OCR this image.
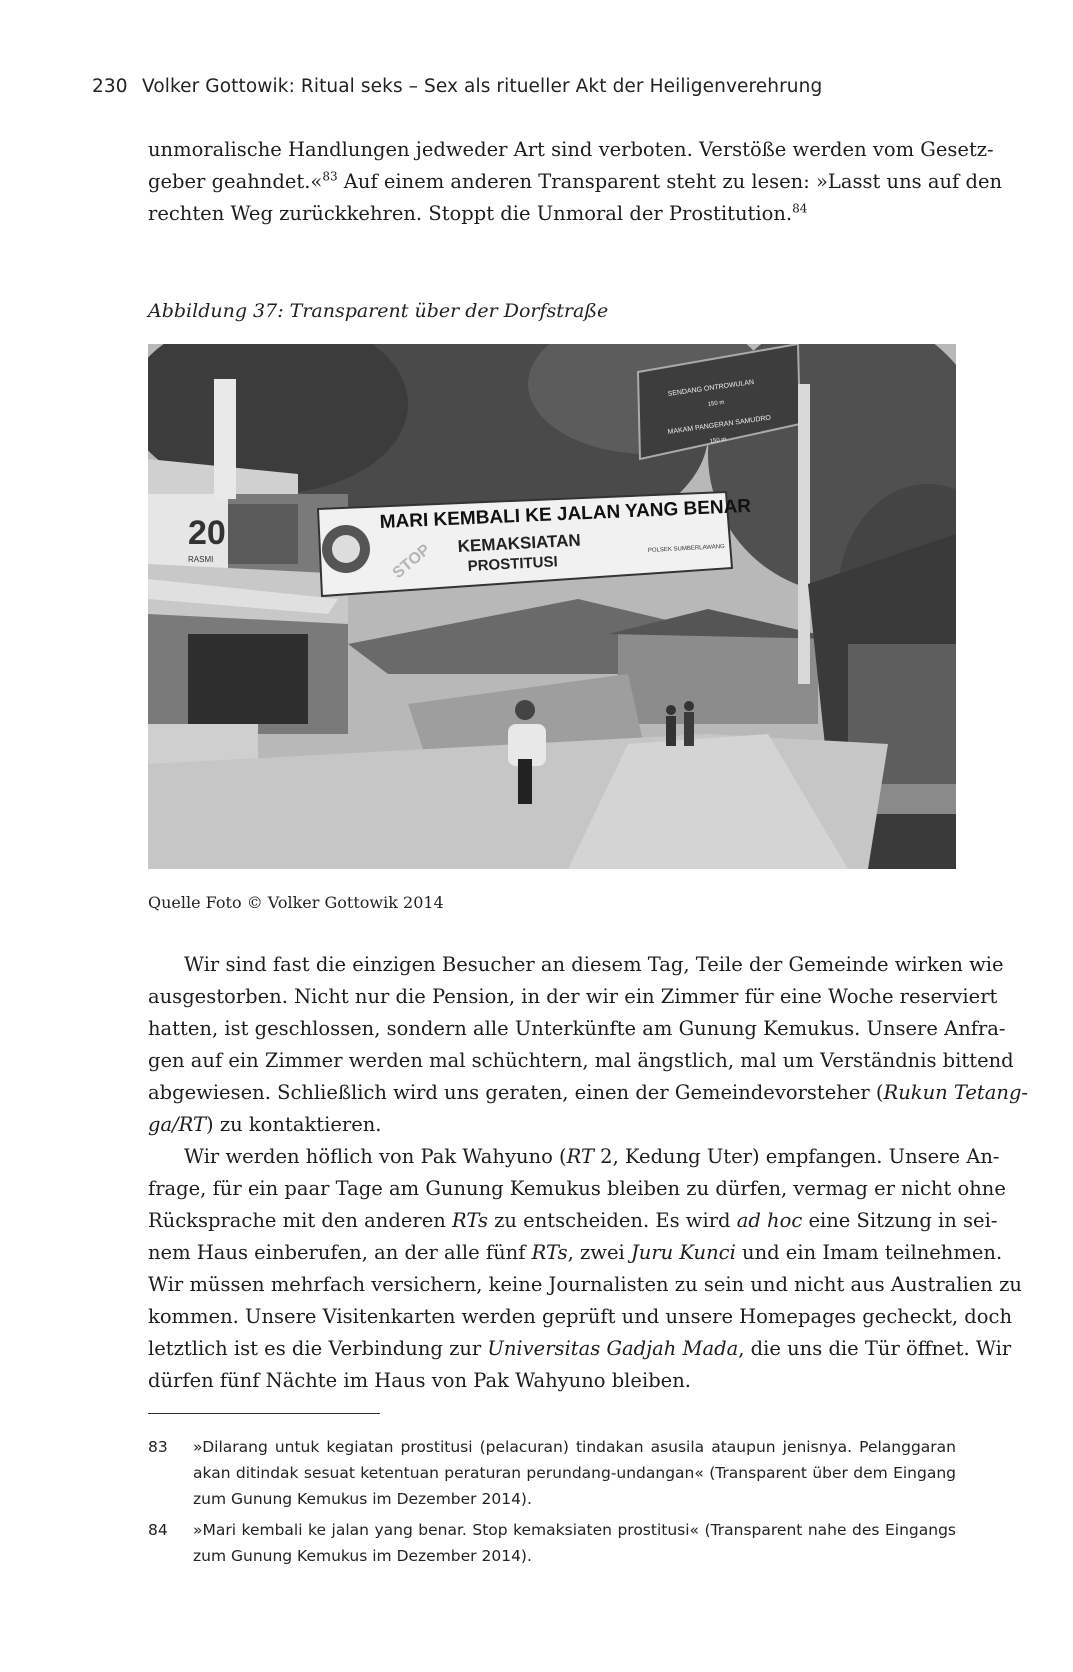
230 Volker Gottowik: Ritual seks – Sex als ritueller Akt der Heiligenverehrung
unmoralische Handlungen jedweder Art sind verboten. Verstöße werden vom Gesetz-
geber geahndet.«$^{83}$ Auf einem anderen Transparent steht zu lesen: »Lasst uns auf den
rechten Weg zurückkehren. Stoppt die Unmoral der Prostitution.$^{84}$
Abbildung 37: Transparent über der Dorfstraße
20
RASMI
MARI KEMBALI KE JALAN YANG BENAR
KEMAKSIATAN
PROSTITUSI
STOP	POLSEK SUMBERLAWANG
SENDANG ONTROWULAN
150 m
MAKAM PANGERAN SAMUDRO
150 m
Quelle Foto © Volker Gottowik 2014
Wir sind fast die einzigen Besucher an diesem Tag, Teile der Gemeinde wirken wie
ausgestorben. Nicht nur die Pension, in der wir ein Zimmer für eine Woche reserviert
hatten, ist geschlossen, sondern alle Unterkünfte am Gunung Kemukus. Unsere Anfra-
gen auf ein Zimmer werden mal schüchtern, mal ängstlich, mal um Verständnis bittend
abgewiesen. Schließlich wird uns geraten, einen der Gemeindevorsteher (Rukun Tetang-
ga/RT) zu kontaktieren.
Wir werden höflich von Pak Wahyuno (RT 2, Kedung Uter) empfangen. Unsere An-
frage, für ein paar Tage am Gunung Kemukus bleiben zu dürfen, vermag er nicht ohne
Rücksprache mit den anderen RTs zu entscheiden. Es wird ad hoc eine Sitzung in sei-
nem Haus einberufen, an der alle fünf RTs, zwei Juru Kunci und ein Imam teilnehmen.
Wir müssen mehrfach versichern, keine Journalisten zu sein und nicht aus Australien zu
kommen. Unsere Visitenkarten werden geprüft und unsere Homepages gecheckt, doch
letztlich ist es die Verbindung zur Universitas Gadjah Mada, die uns die Tür öffnet. Wir
dürfen fünf Nächte im Haus von Pak Wahyuno bleiben.
83	»Dilarang untuk kegiatan prostitusi (pelacuran) tindakan asusila ataupun jenisnya. Pelanggaran
akan ditindak sesuat ketentuan peraturan perundang-undangan« (Transparent über dem Eingang
zum Gunung Kemukus im Dezember 2014).
84	»Mari kembali ke jalan yang benar. Stop kemaksiaten prostitusi« (Transparent nahe des Eingangs
zum Gunung Kemukus im Dezember 2014).
